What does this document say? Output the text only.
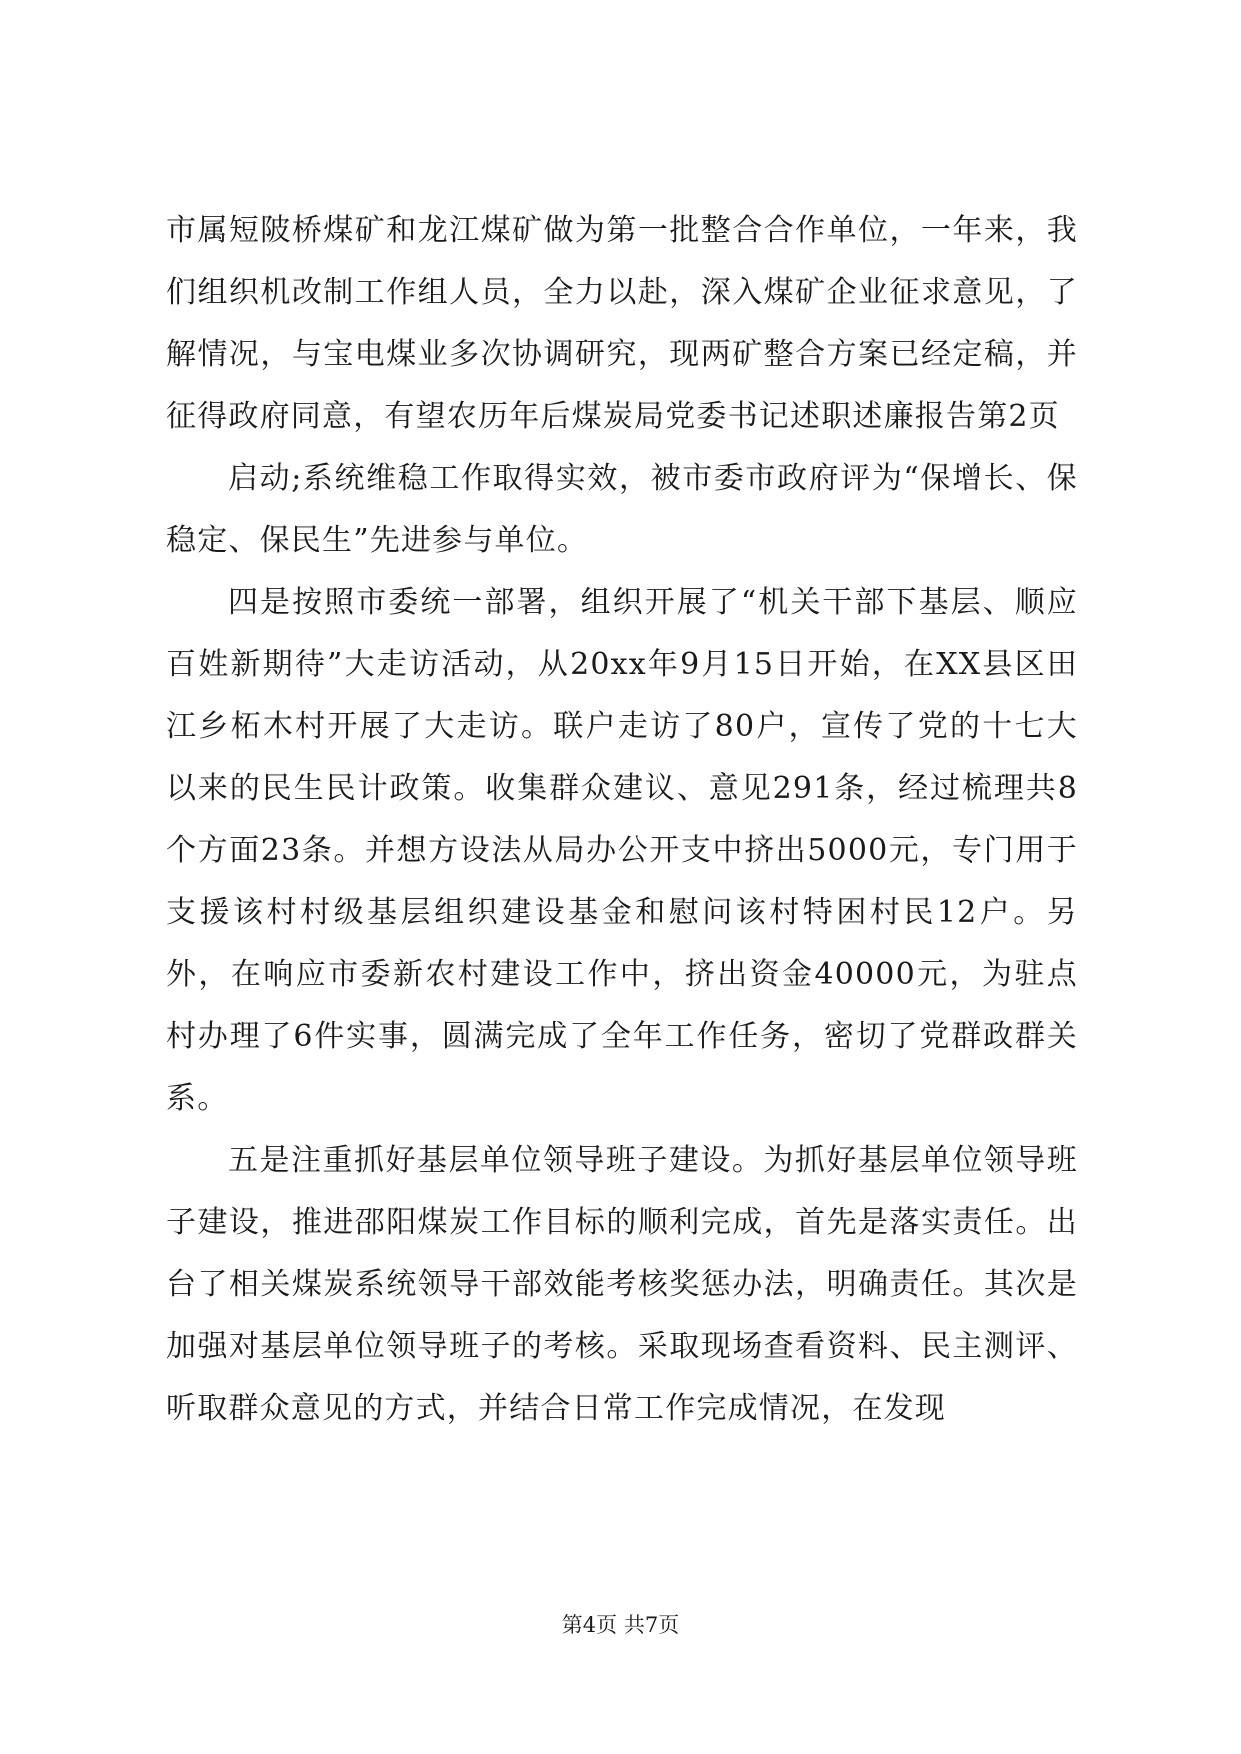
市属短陂桥煤矿和龙江煤矿做为第一批整合合作单位，一年来，我们组织机改制工作组人员，全力以赴，深入煤矿企业征求意见，了解情况，与宝电煤业多次协调研究，现两矿整合方案已经定稿，并征得政府同意，有望农历年后煤炭局党委书记述职述廉报告第2页

启动;系统维稳工作取得实效，被市委市政府评为“保增长、保稳定、保民生”先进参与单位。

四是按照市委统一部署，组织开展了“机关干部下基层、顺应百姓新期待”大走访活动，从20xx年9月15日开始，在XX县区田江乡柘木村开展了大走访。联户走访了80户，宣传了党的十七大以来的民生民计政策。收集群众建议、意见291条，经过梳理共8个方面23条。并想方设法从局办公开支中挤出5000元，专门用于支援该村村级基层组织建设基金和慰问该村特困村民12户。另外，在响应市委新农村建设工作中，挤出资金40000元，为驻点村办理了6件实事，圆满完成了全年工作任务，密切了党群政群关系。

五是注重抓好基层单位领导班子建设。为抓好基层单位领导班子建设，推进邵阳煤炭工作目标的顺利完成，首先是落实责任。出台了相关煤炭系统领导干部效能考核奖惩办法，明确责任。其次是加强对基层单位领导班子的考核。采取现场查看资料、民主测评、听取群众意见的方式，并结合日常工作完成情况，在发现

第4页 共7页
